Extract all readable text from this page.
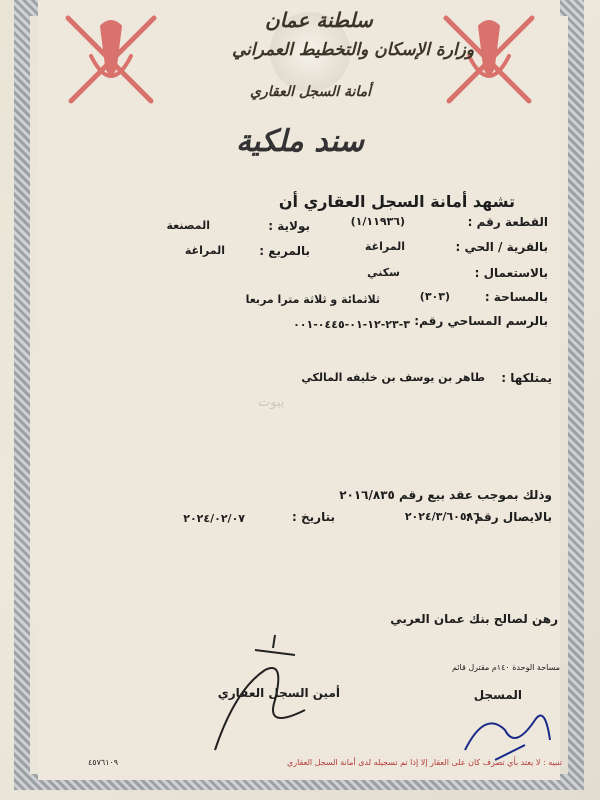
سلطنة عمان
وزارة الإسكان والتخطيط العمراني
أمانة السجل العقاري
سند ملكية
تشهد أمانة السجل العقاري أن
القطعة رقم :
(١/١١٩٣٦)
بولاية :
المصنعة
بالقرية / الحي :
المراغة
بالمربع :
المراغة
بالاستعمال :
سكني
بالمساحة :
(٣٠٣)
ثلاثمائة و ثلاثة مترا مربعا
بالرسم المساحي رقم:
٣-٢٣-١٢-٠١-٠٤٤٥-٠٠١
يمتلكها :
طاهر بن يوسف بن خليفه المالكي
بيوت
وذلك بموجب عقد بيع رقم ٢٠١٦/٨٣٥
بالايصال رقم :
٢٠٢٤/٣/٦٠٥٨٦
بتاريخ :
٢٠٢٤/٠٢/٠٧
رهن لصالح بنك عمان العربي
مساحة الوحدة ١٤٠م مقترل قائم
المسجل
أمين السجل العقاري
تنبيه : لا يعتد بأي تصرف كان على العقار إلا إذا تم تسجيله لدى أمانة السجل العقاري
٤٥٧٦١٠٩
